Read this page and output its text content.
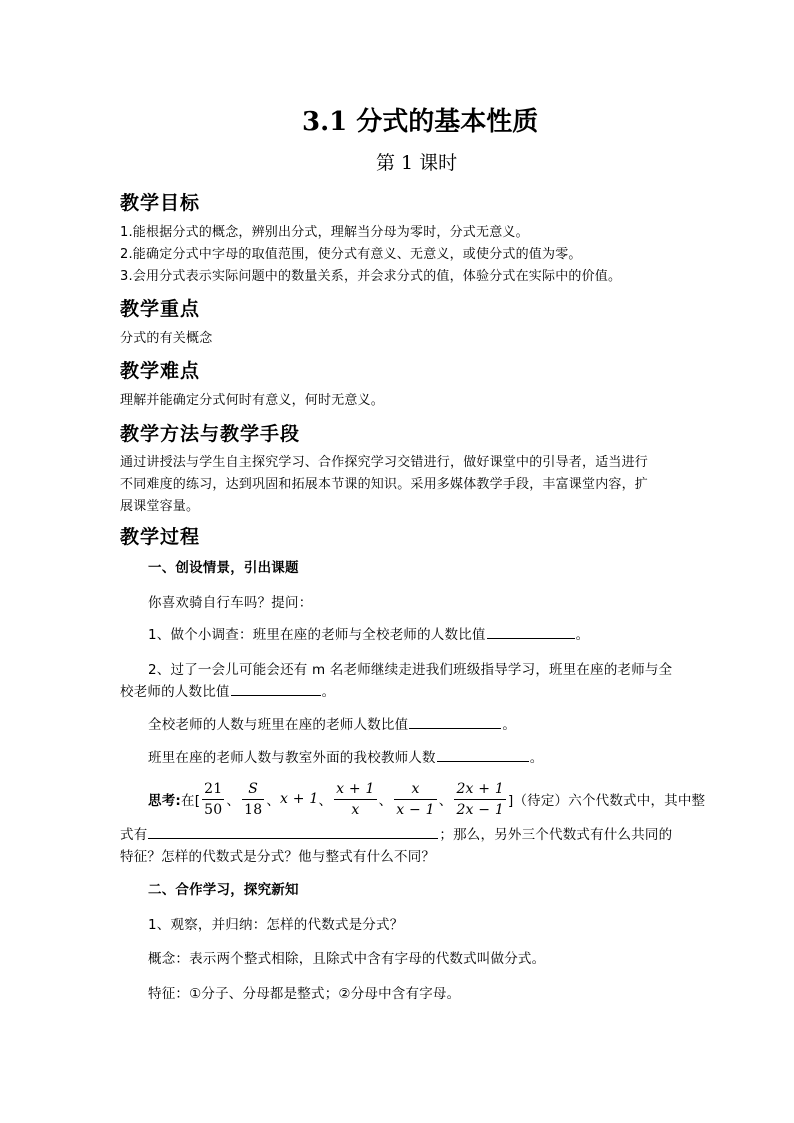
3.1 分式的基本性质
第 1 课时
教学目标
1.能根据分式的概念，辨别出分式，理解当分母为零时，分式无意义。
2.能确定分式中字母的取值范围，使分式有意义、无意义，或使分式的值为零。
3.会用分式表示实际问题中的数量关系，并会求分式的值，体验分式在实际中的价值。
教学重点
分式的有关概念
教学难点
理解并能确定分式何时有意义，何时无意义。
教学方法与教学手段
通过讲授法与学生自主探究学习、合作探究学习交错进行，做好课堂中的引导者，适当进行
不同难度的练习，达到巩固和拓展本节课的知识。采用多媒体教学手段，丰富课堂内容，扩
展课堂容量。
教学过程
一、创设情景，引出课题
你喜欢骑自行车吗？提问：
1、做个小调查：班里在座的老师与全校老师的人数比值	。
2、过了一会儿可能会还有 m 名老师继续走进我们班级指导学习，班里在座的老师与全
校老师的人数比值	。
全校老师的人数与班里在座的老师人数比值	。
班里在座的老师人数与教室外面的我校教师人数	。
思考: 在[ $\frac{21}{50}$ 、 $\frac{S}{18}$ 、 x + 1 、 $\frac{x + 1}{x}$ 、 $\frac{x}{x - 1}$ 、 $\frac{2x + 1}{2x - 1}$ ]（待定）六个代数式中，其中整
式有	；那么，另外三个代数式有什么共同的
特征？怎样的代数式是分式？他与整式有什么不同？
二、合作学习，探究新知
1、观察，并归纳：怎样的代数式是分式？
概念：表示两个整式相除，且除式中含有字母的代数式叫做分式。
特征：①分子、分母都是整式；②分母中含有字母。
